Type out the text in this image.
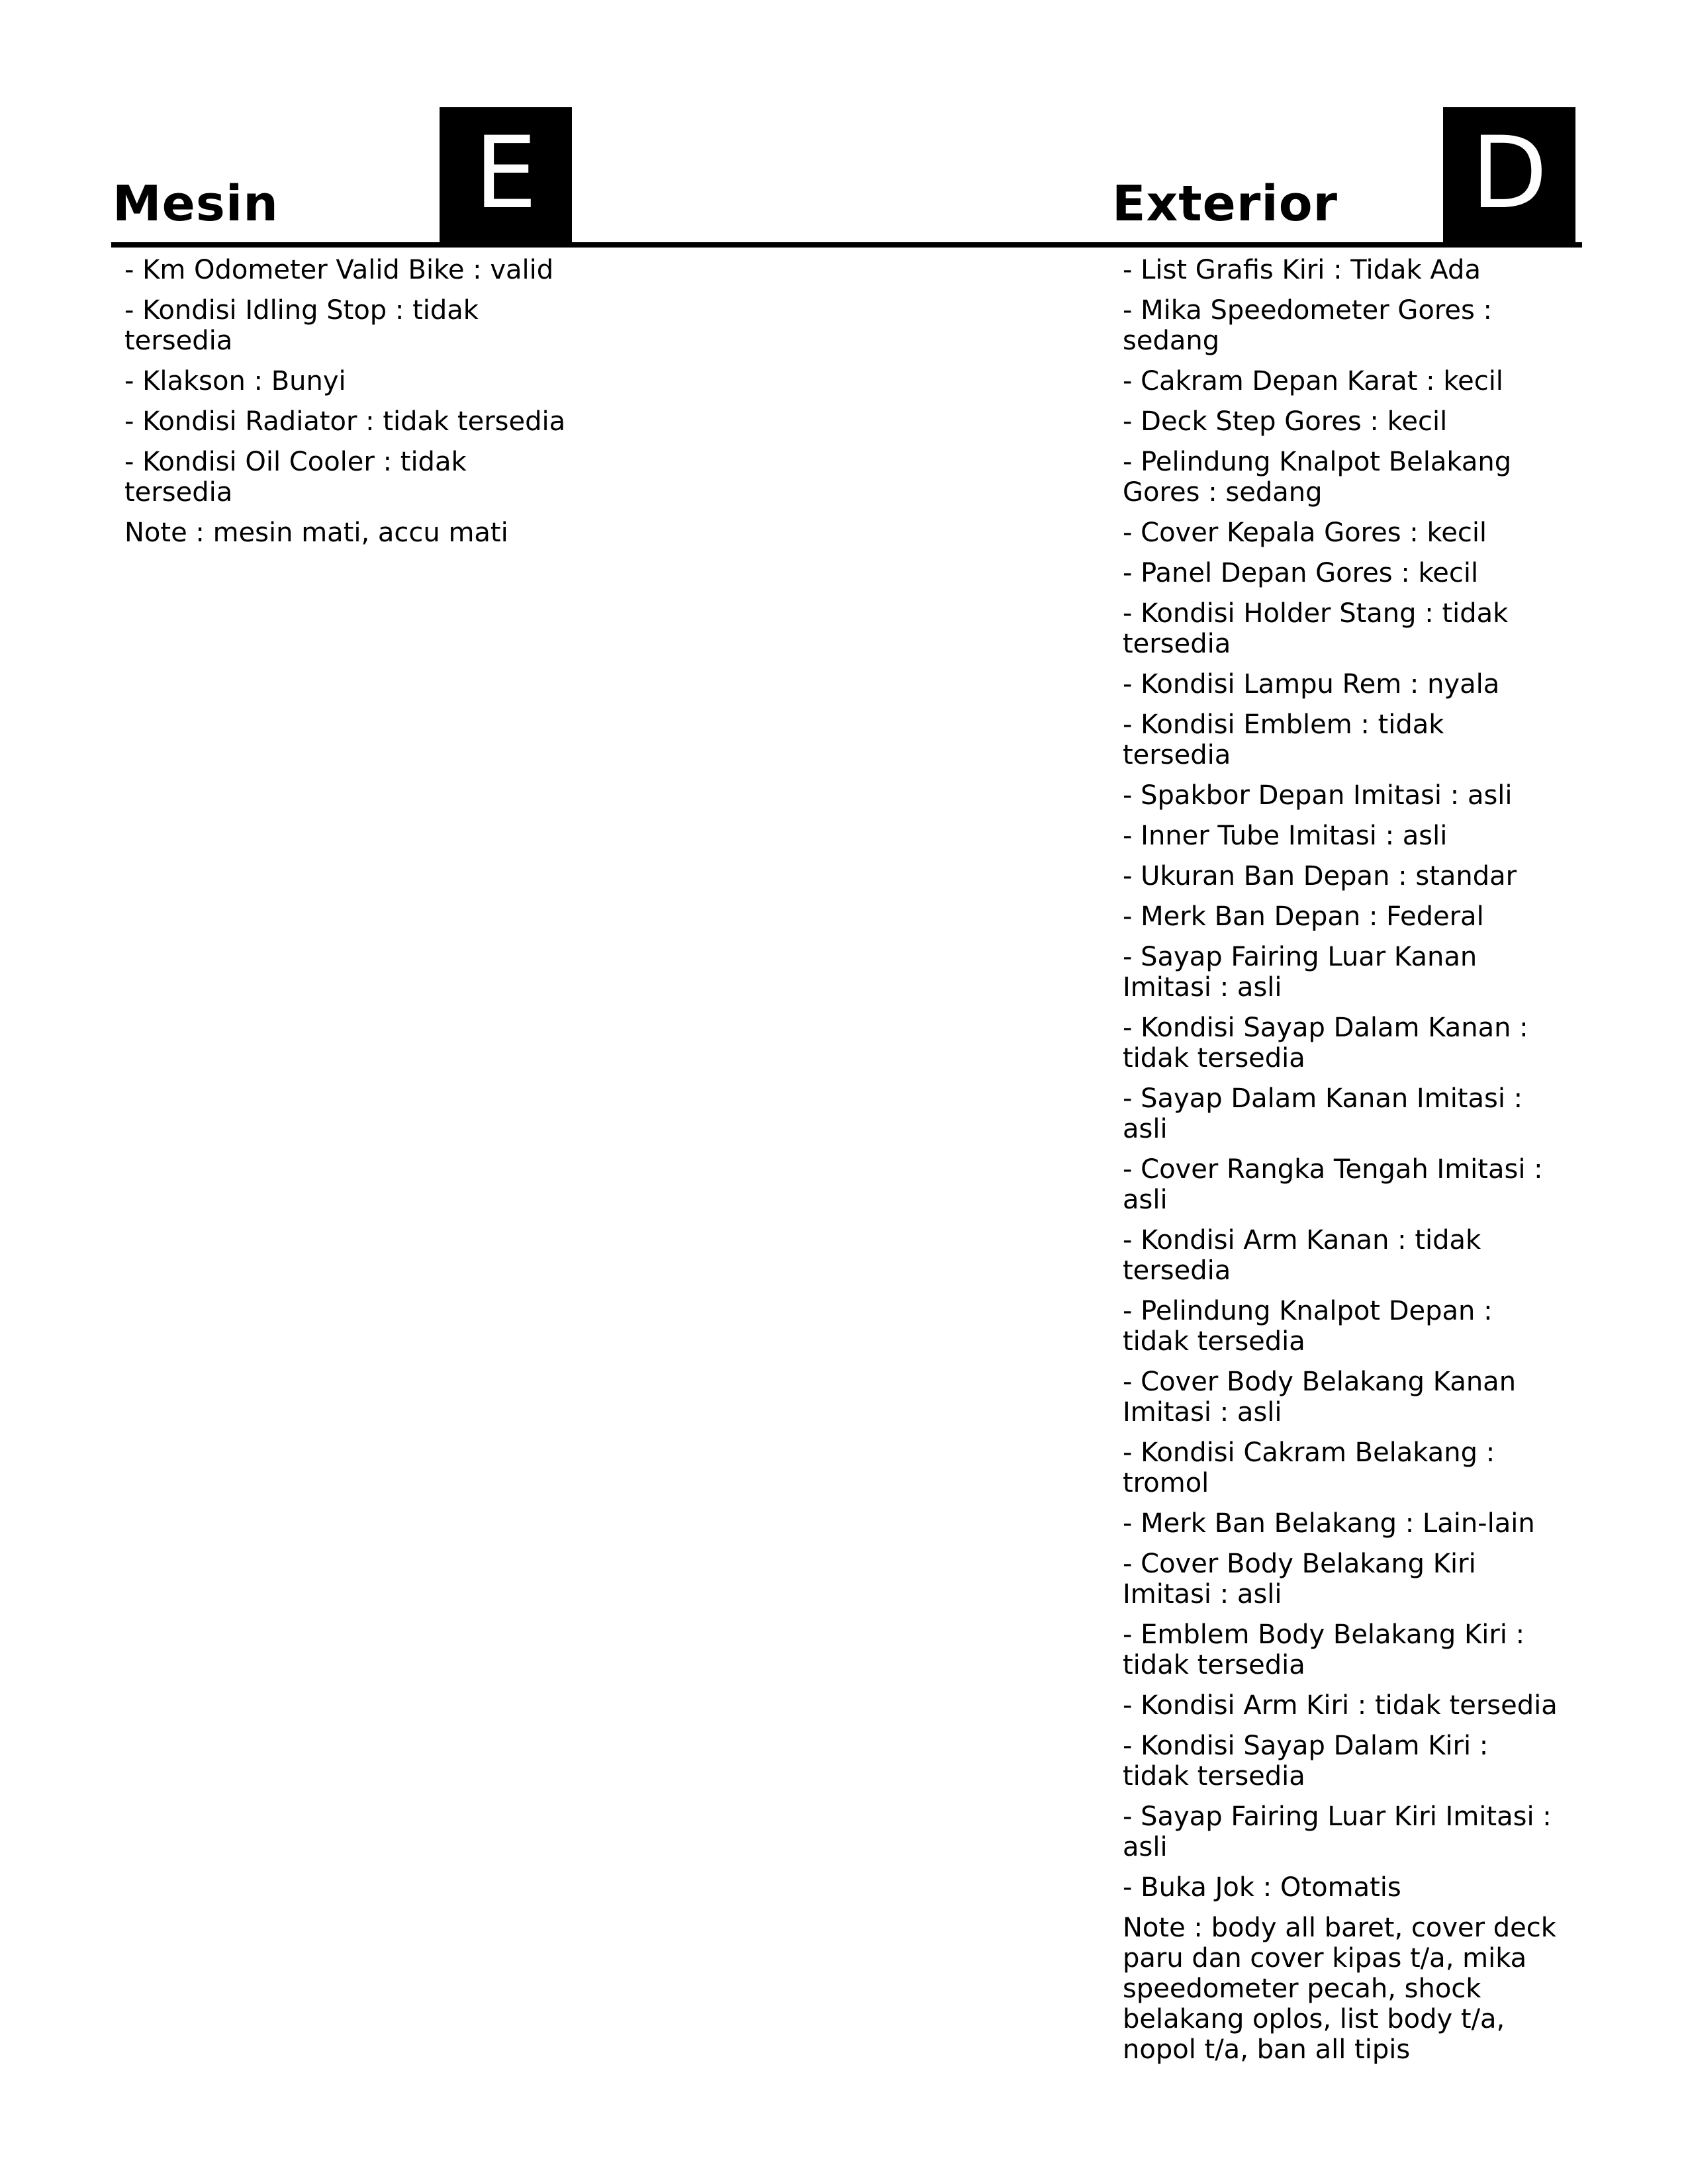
Mesin	E	Exterior D
- Km Odometer Valid Bike : valid
- Kondisi Idling Stop : tidak tersedia
- Klakson : Bunyi
- Kondisi Radiator : tidak tersedia
- Kondisi Oil Cooler : tidak tersedia
Note : mesin mati, accu mati
- List Grafis Kiri : Tidak Ada
- Mika Speedometer Gores : sedang
- Cakram Depan Karat : kecil
- Deck Step Gores : kecil
- Pelindung Knalpot Belakang Gores : sedang
- Cover Kepala Gores : kecil
- Panel Depan Gores : kecil
- Kondisi Holder Stang : tidak tersedia
- Kondisi Lampu Rem : nyala
- Kondisi Emblem : tidak tersedia
- Spakbor Depan Imitasi : asli
- Inner Tube Imitasi : asli
- Ukuran Ban Depan : standar
- Merk Ban Depan : Federal
- Sayap Fairing Luar Kanan Imitasi : asli
- Kondisi Sayap Dalam Kanan : tidak tersedia
- Sayap Dalam Kanan Imitasi : asli
- Cover Rangka Tengah Imitasi : asli
- Kondisi Arm Kanan : tidak tersedia
- Pelindung Knalpot Depan : tidak tersedia
- Cover Body Belakang Kanan Imitasi : asli
- Kondisi Cakram Belakang : tromol
- Merk Ban Belakang : Lain-lain
- Cover Body Belakang Kiri Imitasi : asli
- Emblem Body Belakang Kiri : tidak tersedia
- Kondisi Arm Kiri : tidak tersedia
- Kondisi Sayap Dalam Kiri : tidak tersedia
- Sayap Fairing Luar Kiri Imitasi : asli
- Buka Jok : Otomatis
Note : body all baret, cover deck paru dan cover kipas t/a, mika speedometer pecah, shock belakang oplos, list body t/a, nopol t/a, ban all tipis
